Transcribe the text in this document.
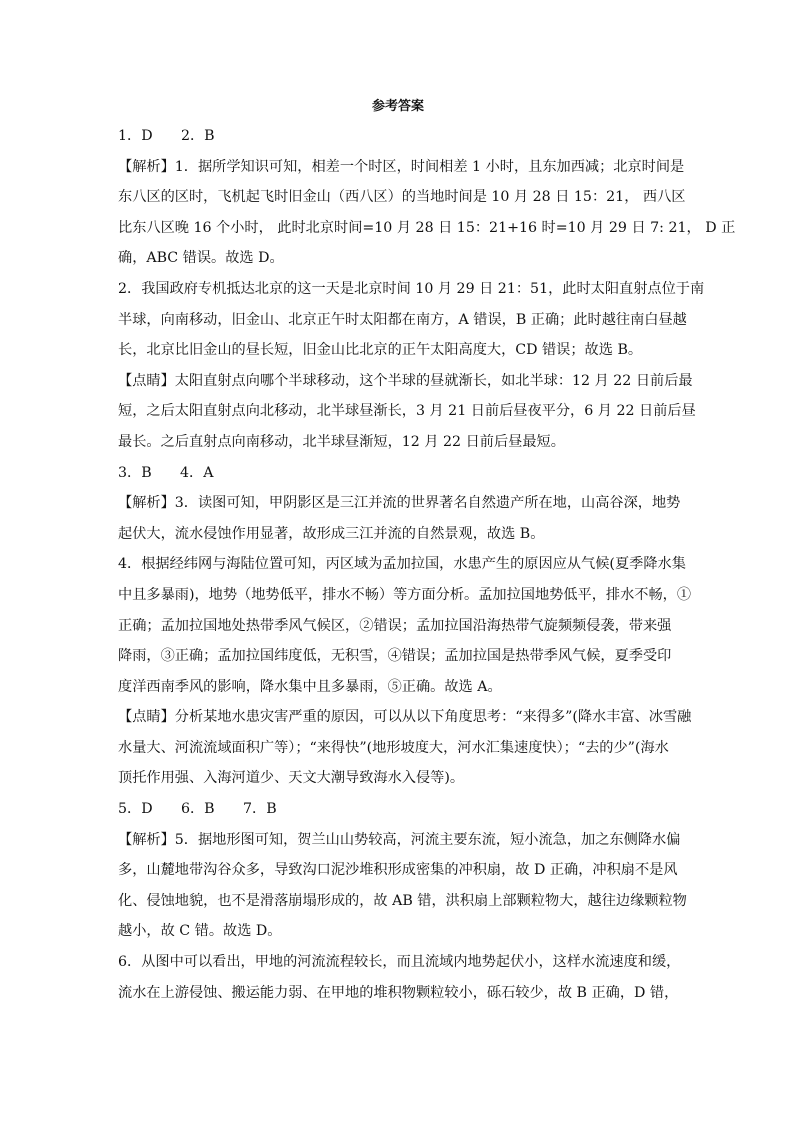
参考答案
1．D　　2．B
【解析】1．据所学知识可知，相差一个时区，时间相差 1 小时，且东加西减；北京时间是
东八区的区时，飞机起飞时旧金山（西八区）的当地时间是 10 月 28 日 15：21， 西八区
比东八区晚 16 个小时， 此时北京时间=10 月 28 日 15：21+16 时=10 月 29 日 7: 21， D 正
确，ABC 错误。故选 D。
2．我国政府专机抵达北京的这一天是北京时间 10 月 29 日 21：51，此时太阳直射点位于南
半球，向南移动，旧金山、北京正午时太阳都在南方，A 错误，B 正确；此时越往南白昼越
长，北京比旧金山的昼长短，旧金山比北京的正午太阳高度大，CD 错误；故选 B。
【点睛】太阳直射点向哪个半球移动，这个半球的昼就渐长，如北半球：12 月 22 日前后最
短，之后太阳直射点向北移动，北半球昼渐长，3 月 21 日前后昼夜平分，6 月 22 日前后昼
最长。之后直射点向南移动，北半球昼渐短，12 月 22 日前后昼最短。
3．B　　4．A
【解析】3．读图可知，甲阴影区是三江并流的世界著名自然遗产所在地，山高谷深，地势
起伏大，流水侵蚀作用显著，故形成三江并流的自然景观，故选 B。
4．根据经纬网与海陆位置可知，丙区域为孟加拉国，水患产生的原因应从气候(夏季降水集
中且多暴雨)，地势（地势低平，排水不畅）等方面分析。孟加拉国地势低平，排水不畅，①
正确；孟加拉国地处热带季风气候区，②错误；孟加拉国沿海热带气旋频频侵袭，带来强
降雨，③正确；孟加拉国纬度低，无积雪，④错误；孟加拉国是热带季风气候，夏季受印
度洋西南季风的影响，降水集中且多暴雨，⑤正确。故选 A。
【点睛】分析某地水患灾害严重的原因，可以从以下角度思考：“来得多”(降水丰富、冰雪融
水量大、河流流域面积广等）；“来得快”(地形坡度大，河水汇集速度快）；“去的少”(海水
顶托作用强、入海河道少、天文大潮导致海水入侵等)。
5．D　　6．B　　7．B
【解析】5．据地形图可知，贺兰山山势较高，河流主要东流，短小流急，加之东侧降水偏
多，山麓地带沟谷众多，导致沟口泥沙堆积形成密集的冲积扇，故 D 正确，冲积扇不是风
化、侵蚀地貌，也不是滑落崩塌形成的，故 AB 错，洪积扇上部颗粒物大，越往边缘颗粒物
越小，故 C 错。故选 D。
6．从图中可以看出，甲地的河流流程较长，而且流域内地势起伏小，这样水流速度和缓，
流水在上游侵蚀、搬运能力弱、在甲地的堆积物颗粒较小，砾石较少，故 B 正确，D 错，
